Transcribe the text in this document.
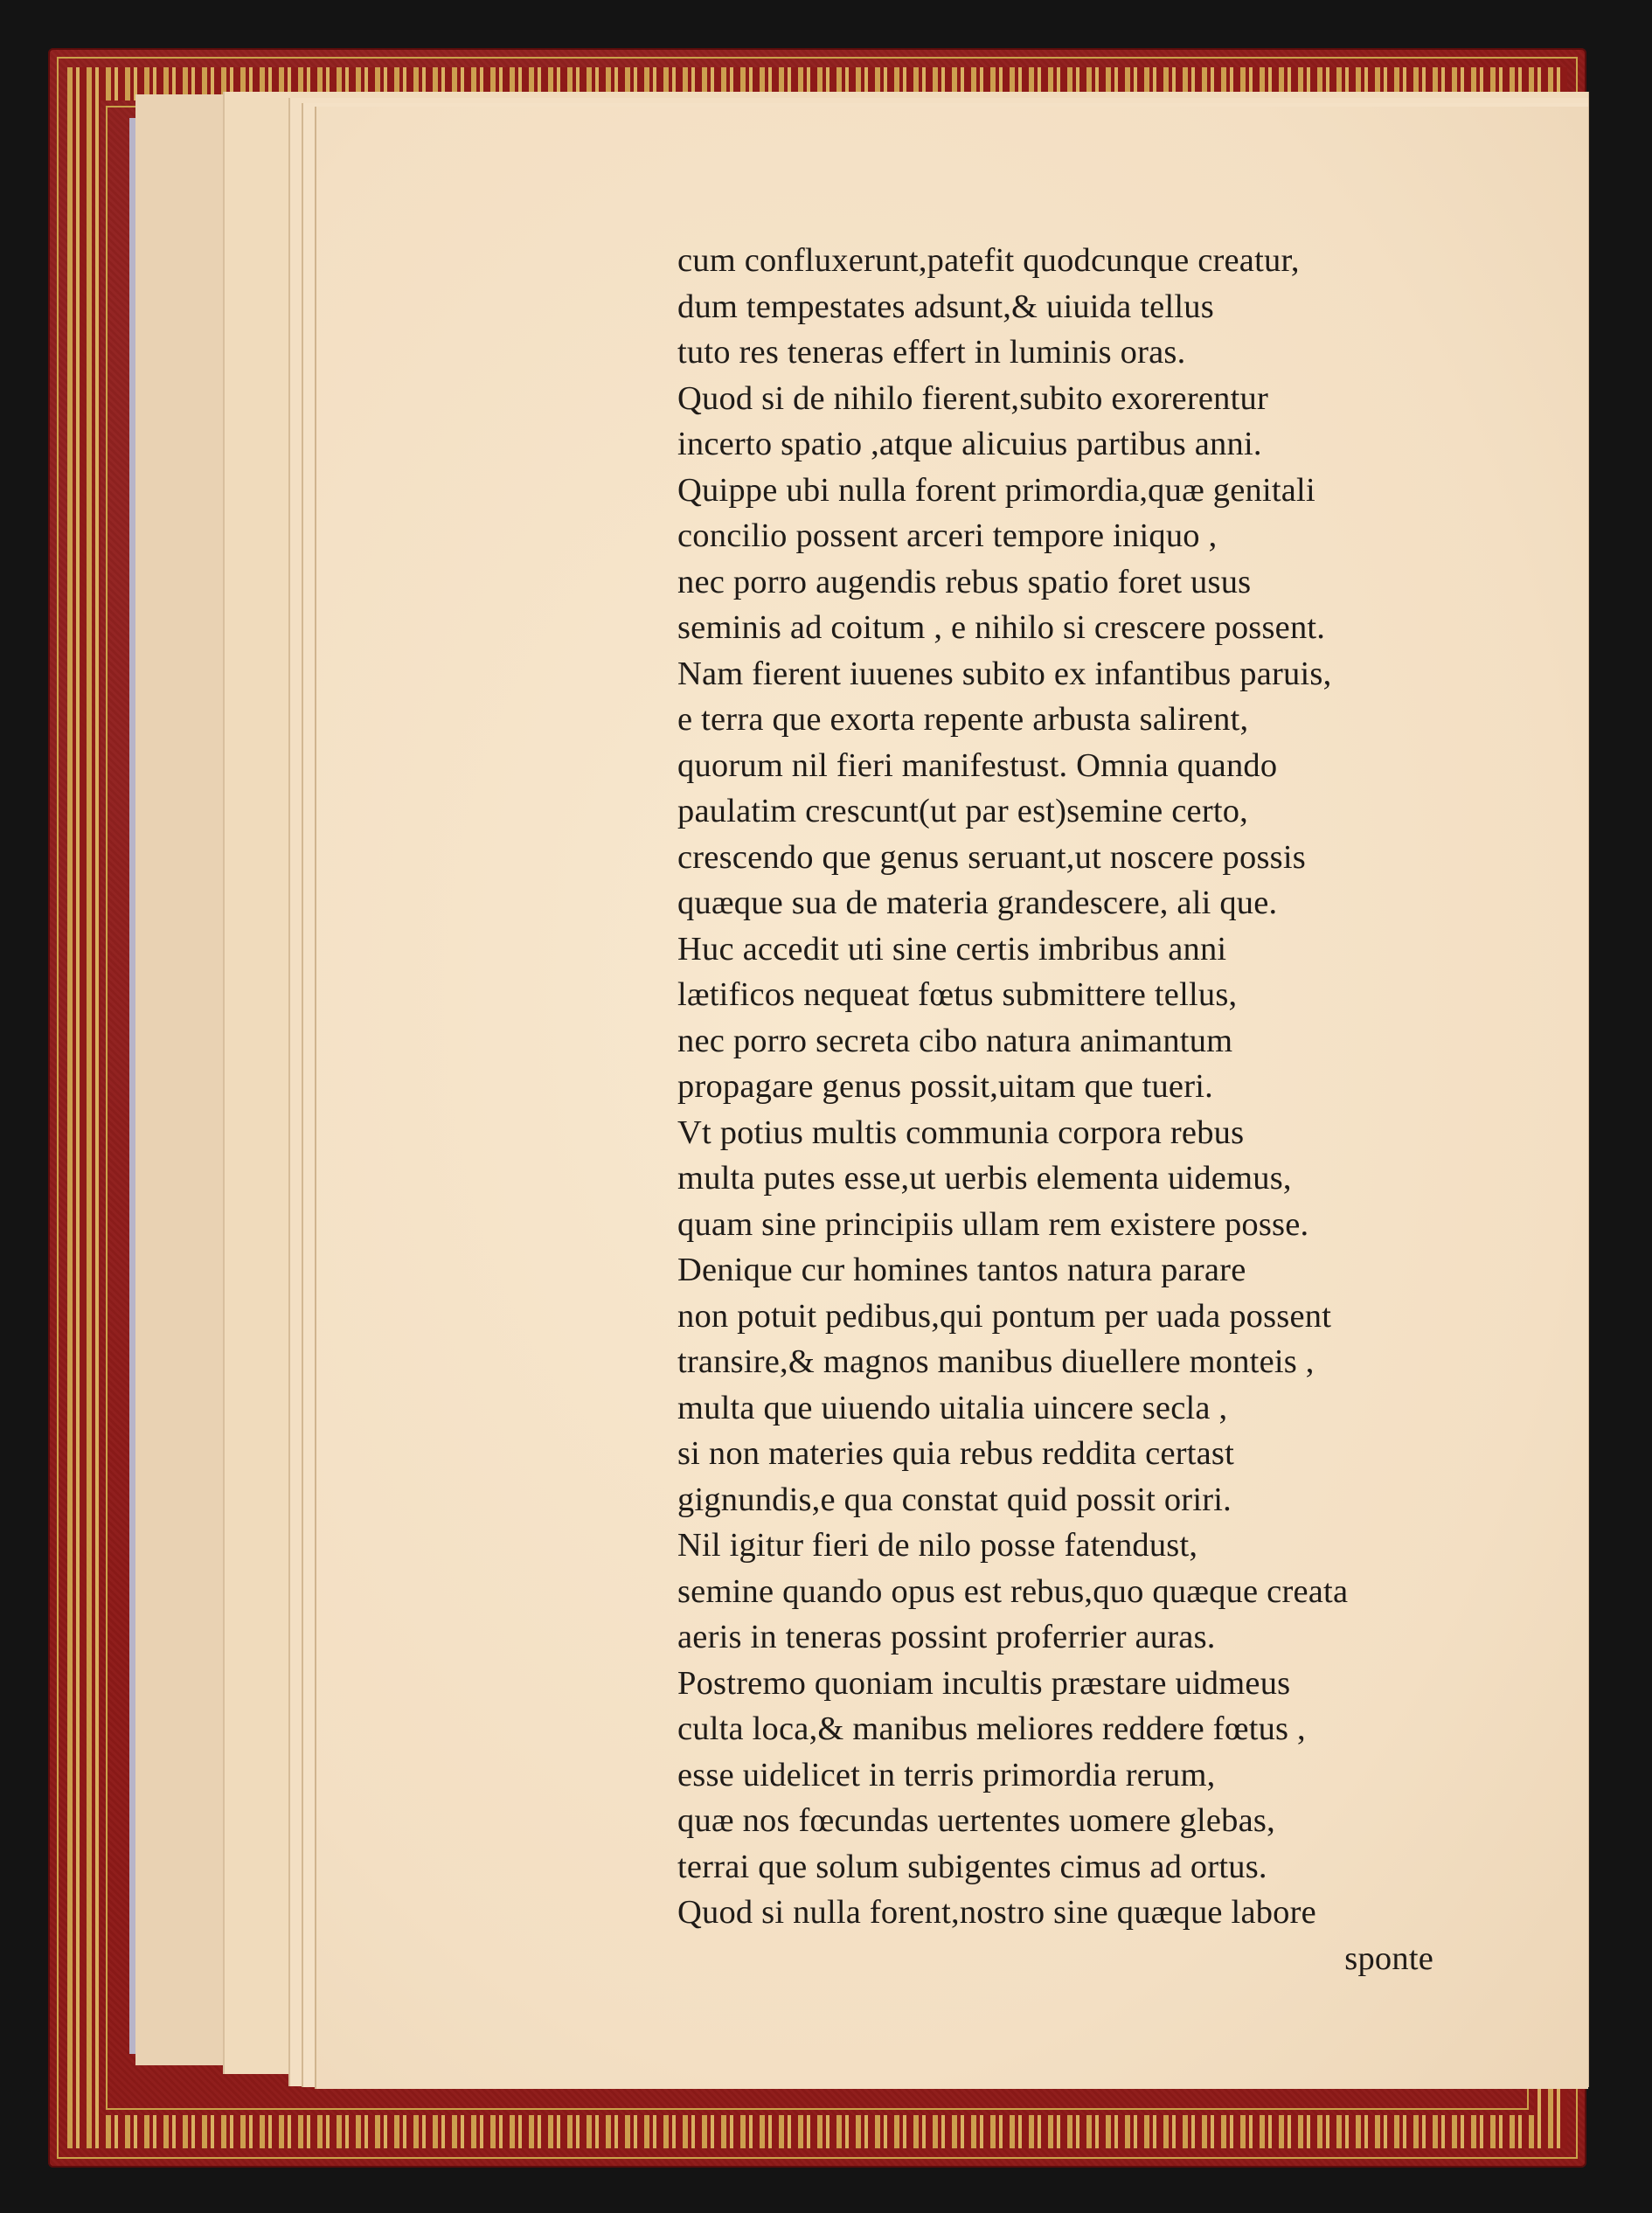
cum confluxerunt,patefit quodcunque creatur,
dum tempestates adsunt,& uiuida tellus
tuto res teneras effert in luminis oras.
Quod si de nihilo fierent,subito exorerentur
incerto spatio ,atque alicuius partibus anni.
Quippe ubi nulla forent primordia,quæ genitali
concilio possent arceri tempore iniquo ,
nec porro augendis rebus spatio foret usus
seminis ad coitum , e nihilo si crescere possent.
Nam fierent iuuenes subito ex infantibus paruis,
e terra que exorta repente arbusta salirent,
quorum nil fieri manifestust. Omnia quando
paulatim crescunt(ut par est)semine certo,
crescendo que genus seruant,ut noscere possis
quæque sua de materia grandescere, ali que.
Huc accedit uti sine certis imbribus anni
lætificos nequeat fœtus submittere tellus,
nec porro secreta cibo natura animantum
propagare genus possit,uitam que tueri.
Vt potius multis communia corpora rebus
multa putes esse,ut uerbis elementa uidemus,
quam sine principiis ullam rem existere posse.
Denique cur homines tantos natura parare
non potuit pedibus,qui pontum per uada possent
transire,& magnos manibus diuellere monteis ,
multa que uiuendo uitalia uincere secla ,
si non materies quia rebus reddita certast
gignundis,e qua constat quid possit oriri.
Nil igitur fieri de nilo posse fatendust,
semine quando opus est rebus,quo quæque creata
aeris in teneras possint proferrier auras.
Postremo quoniam incultis præstare uidmeus
culta loca,& manibus meliores reddere fœtus ,
esse uidelicet in terris primordia rerum,
quæ nos fœcundas uertentes uomere glebas,
terrai que solum subigentes cimus ad ortus.
Quod si nulla forent,nostro sine quæque labore
sponte
